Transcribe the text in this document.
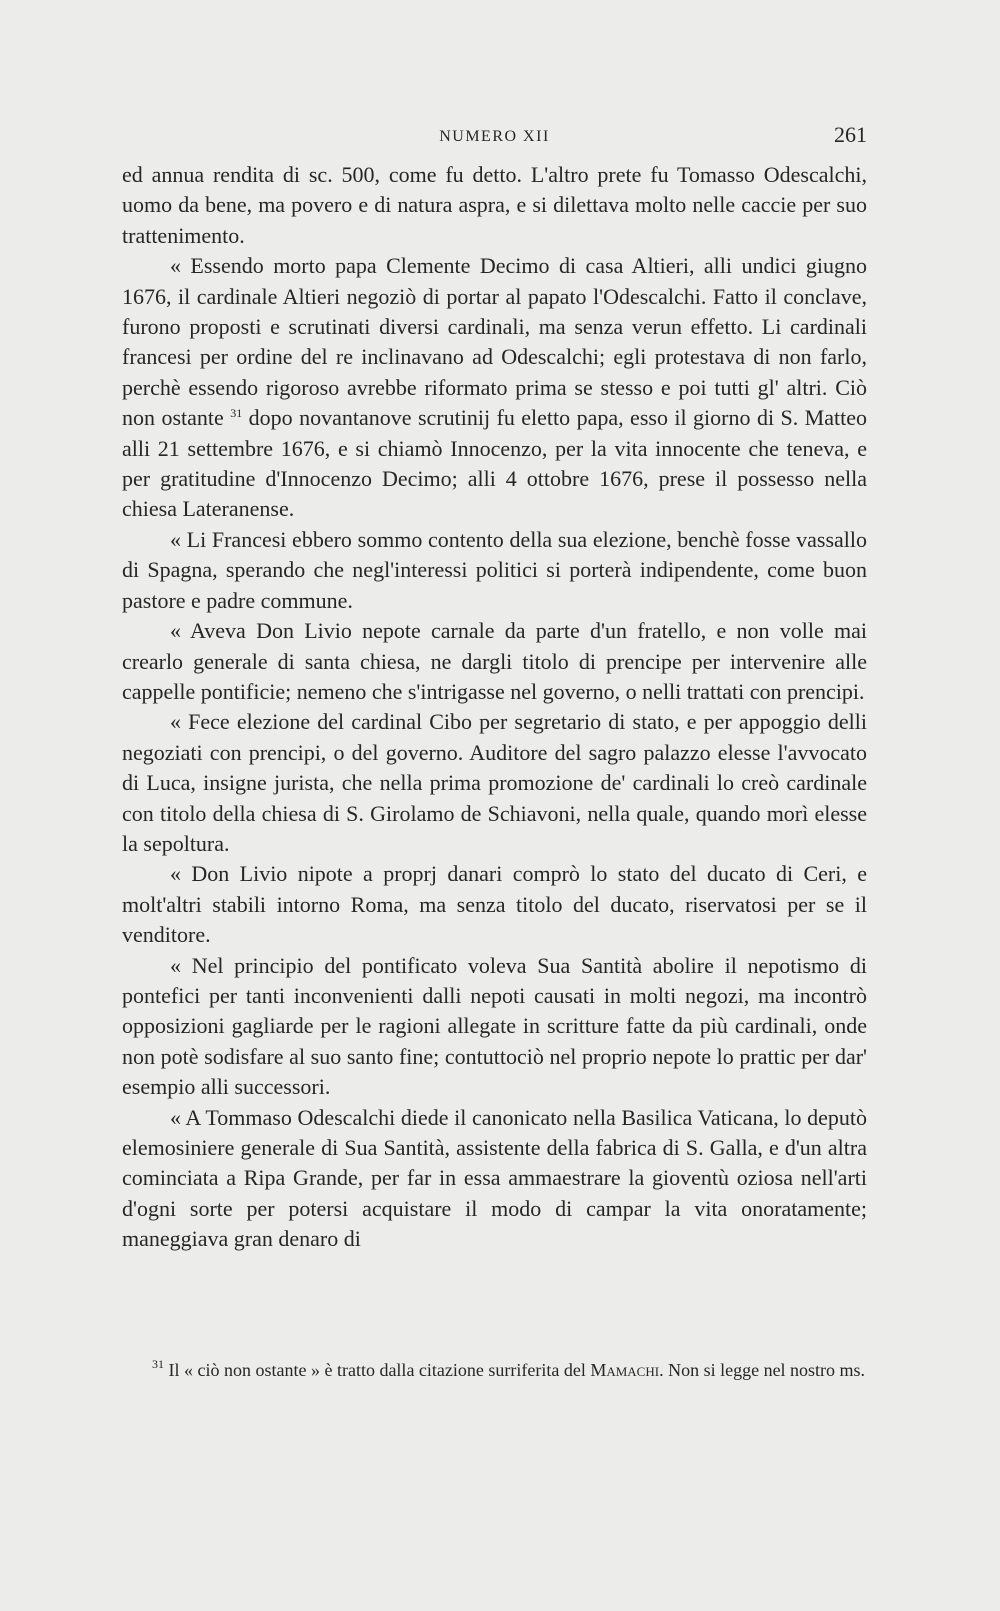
NUMERO XII	261

ed annua rendita di sc. 500, come fu detto. L'altro prete fu Tomasso Odescalchi, uomo da bene, ma povero e di natura aspra, e si dilettava molto nelle caccie per suo trattenimento.

« Essendo morto papa Clemente Decimo di casa Altieri, alli undici giugno 1676, il cardinale Altieri negoziò di portar al papato l'Odescalchi. Fatto il conclave, furono proposti e scrutinati diversi cardinali, ma senza verun effetto. Li cardinali francesi per ordine del re inclinavano ad Odescalchi; egli protestava di non farlo, perchè essendo rigoroso avrebbe riformato prima se stesso e poi tutti gl' altri. Ciò non ostante $^{31}$ dopo novantanove scrutinij fu eletto papa, esso il giorno di S. Matteo alli 21 settembre 1676, e si chiamò Innocenzo, per la vita innocente che teneva, e per gratitudine d'Innocenzo Decimo; alli 4 ottobre 1676, prese il possesso nella chiesa Lateranense.

« Li Francesi ebbero sommo contento della sua elezione, benchè fosse vassallo di Spagna, sperando che negl'interessi politici si porterà indipendente, come buon pastore e padre commune.

« Aveva Don Livio nepote carnale da parte d'un fratello, e non volle mai crearlo generale di santa chiesa, ne dargli titolo di prencipe per intervenire alle cappelle pontificie; nemeno che s'intrigasse nel governo, o nelli trattati con prencipi.

« Fece elezione del cardinal Cibo per segretario di stato, e per appoggio delli negoziati con prencipi, o del governo. Auditore del sagro palazzo elesse l'avvocato di Luca, insigne jurista, che nella prima promozione de' cardinali lo creò cardinale con titolo della chiesa di S. Girolamo de Schiavoni, nella quale, quando morì elesse la sepoltura.

« Don Livio nipote a proprj danari comprò lo stato del ducato di Ceri, e molt'altri stabili intorno Roma, ma senza titolo del ducato, riservatosi per se il venditore.

« Nel principio del pontificato voleva Sua Santità abolire il nepotismo di pontefici per tanti inconvenienti dalli nepoti causati in molti negozi, ma incontrò opposizioni gagliarde per le ragioni allegate in scritture fatte da più cardinali, onde non potè sodisfare al suo santo fine; contuttociò nel proprio nepote lo prattic per dar' esempio alli successori.

« A Tommaso Odescalchi diede il canonicato nella Basilica Vaticana, lo deputò elemosiniere generale di Sua Santità, assistente della fabrica di S. Galla, e d'un altra cominciata a Ripa Grande, per far in essa ammaestrare la gioventù oziosa nell'arti d'ogni sorte per potersi acquistare il modo di campar la vita onoratamente; maneggiava gran denaro di

$^{31}$ Il « ciò non ostante » è tratto dalla citazione surriferita del Mamachi. Non si legge nel nostro ms.
